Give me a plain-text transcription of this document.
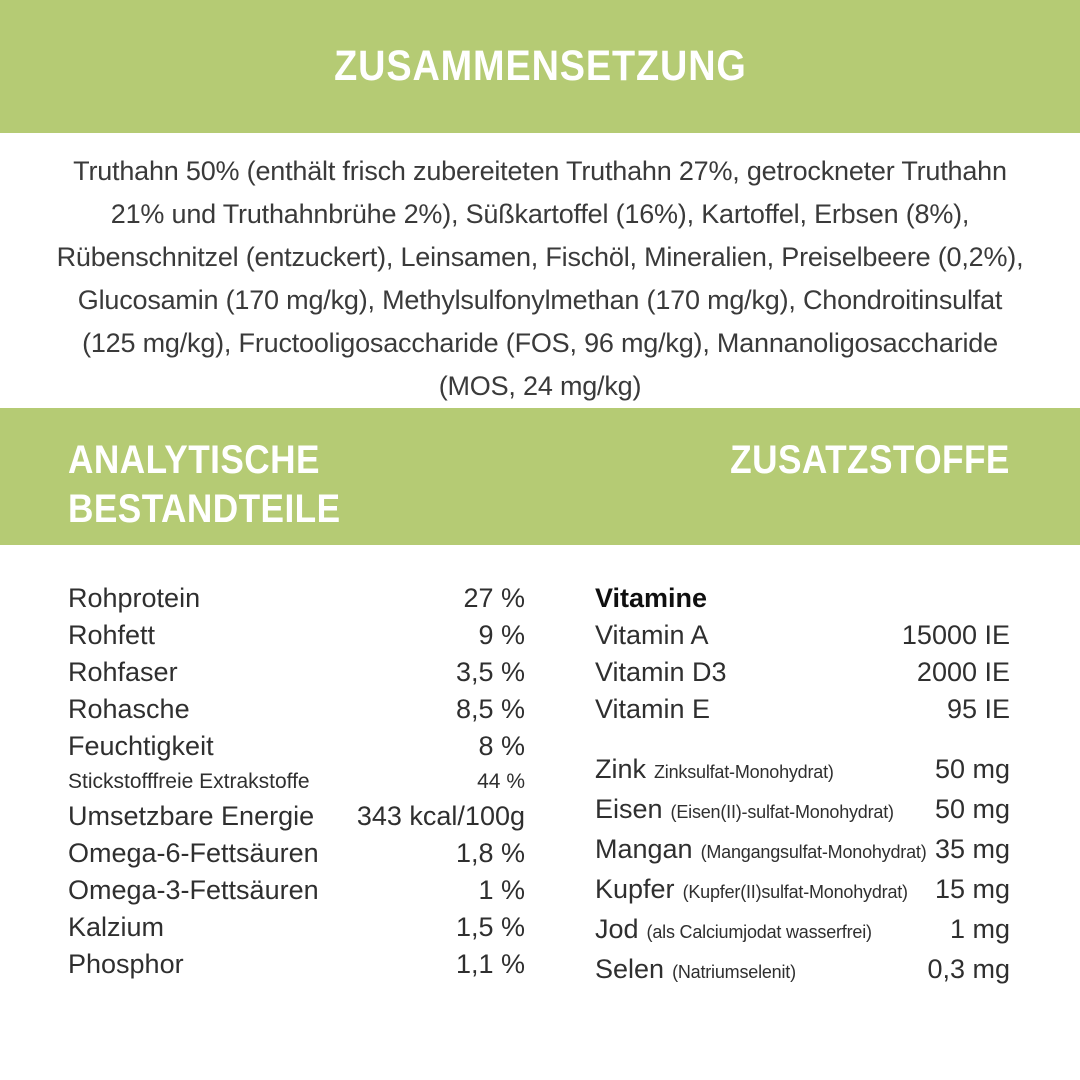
ZUSAMMENSETZUNG

Truthahn 50% (enthält frisch zubereiteten Truthahn 27%, getrockneter Truthahn

21% und Truthahnbrühe 2%), Süßkartoffel (16%), Kartoffel, Erbsen (8%),

Rübenschnitzel (entzuckert), Leinsamen, Fischöl, Mineralien, Preiselbeere (0,2%),

Glucosamin (170 mg/kg), Methylsulfonylmethan (170 mg/kg), Chondroitinsulfat

(125 mg/kg), Fructooligosaccharide (FOS, 96 mg/kg), Mannanoligosaccharide

(MOS, 24 mg/kg)

ANALYTISCHE
BESTANDTEILE
ZUSATZSTOFFE
Rohprotein	27 %
Rohfett	9 %
Rohfaser	3,5 %
Rohasche	8,5 %
Feuchtigkeit	8 %
Stickstofffreie Extrakstoffe	44 %
Umsetzbare Energie 343 kcal/100g
Omega-6-Fettsäuren	1,8 %
Omega-3-Fettsäuren	1 %
Kalzium	1,5 %
Phosphor	1,1 %
Vitamine
Vitamin A	15000 IE
Vitamin D3	2000 IE
Vitamin E	95 IE
Zink Zinksulfat-Monohydrat)	50 mg
Eisen (Eisen(II)-sulfat-Monohydrat) 50 mg
Mangan (Mangangsulfat-Monohydrat) 35 mg
Kupfer (Kupfer(II)sulfat-Monohydrat) 15 mg
Jod (als Calciumjodat wasserfrei)	1 mg
Selen (Natriumselenit)	0,3 mg
